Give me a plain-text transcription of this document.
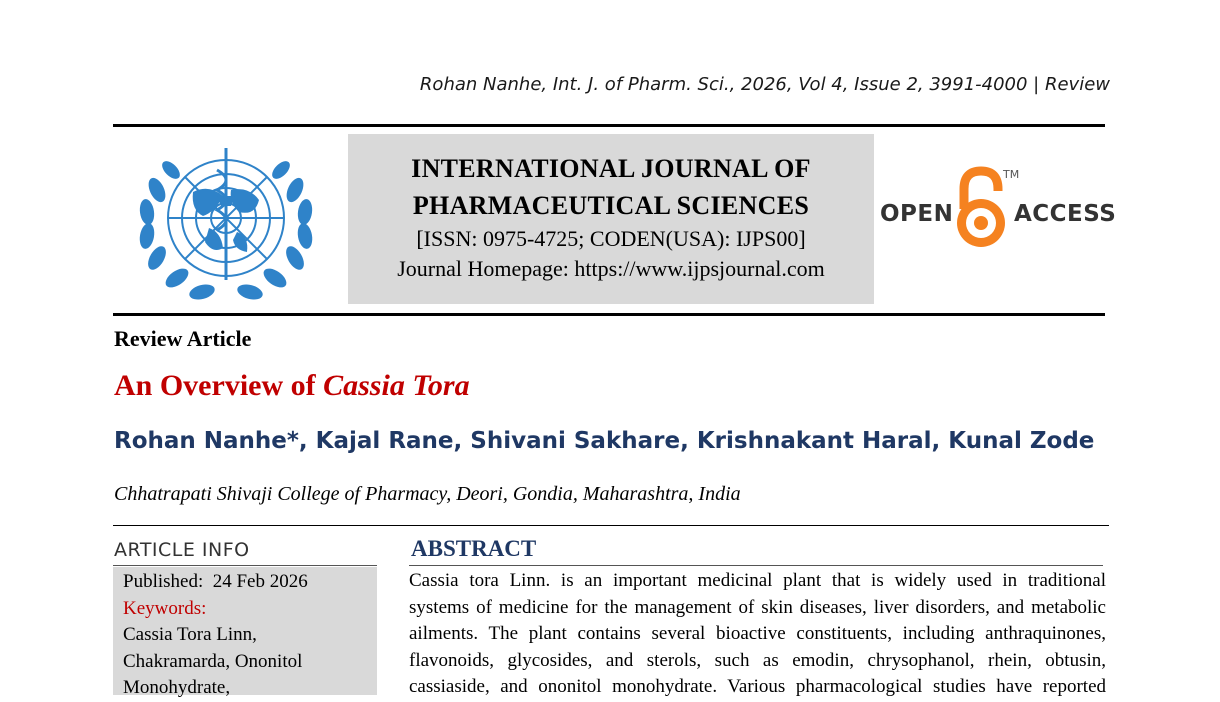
Rohan Nanhe, Int. J. of Pharm. Sci., 2026, Vol 4, Issue 2, 3991-4000 | Review
INTERNATIONAL JOURNAL OF
PHARMACEUTICAL SCIENCES
[ISSN: 0975-4725; CODEN(USA): IJPS00]
Journal Homepage: https://www.ijpsjournal.com
OPEN
TM
ACCESS
Review Article
An Overview of Cassia Tora
Rohan Nanhe*, Kajal Rane, Shivani Sakhare, Krishnakant Haral, Kunal Zode
Chhatrapati Shivaji College of Pharmacy, Deori, Gondia, Maharashtra, India
ARTICLE INFO
Published: 24 Feb 2026
Keywords:
Cassia Tora Linn,
Chakramarda, Ononitol
Monohydrate,
ABSTRACT
Cassia tora Linn. is an important medicinal plant that is widely used in traditional
systems of medicine for the management of skin diseases, liver disorders, and metabolic
ailments. The plant contains several bioactive constituents, including anthraquinones,
flavonoids, glycosides, and sterols, such as emodin, chrysophanol, rhein, obtusin,
cassiaside, and ononitol monohydrate. Various pharmacological studies have reported
